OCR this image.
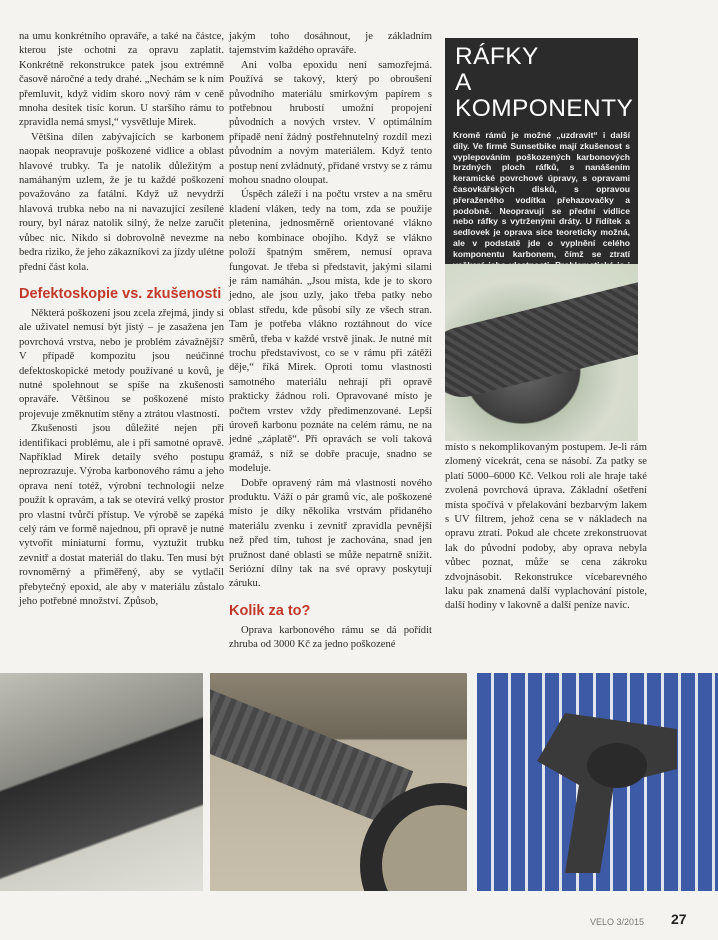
na umu konkrétního opraváře, a také na částce, kterou jste ochotni za opravu zaplatit. Konkrétně rekonstrukce patek jsou extrémně časově náročné a tedy drahé. „Nechám se k ním přemluvit, když vidím skoro nový rám v ceně mnoha desítek tisíc korun. U staršího rámu to zpravidla nemá smysl,“ vysvětluje Mirek.

Většina dílen zabývajících se karbonem naopak neopravuje poškozené vidlice a oblast hlavové trubky. Ta je natolik důležitým a namáhaným uzlem, že je tu každé poškození považováno za fatální. Když už nevydrží hlavová trubka nebo na ni navazující zesílené roury, byl náraz natolik silný, že nelze zaručit vůbec nic. Nikdo si dobrovolně nevezme na bedra riziko, že jeho zákazníkovi za jízdy ulétne přední část kola.

Defektoskopie vs. zkušenosti

Některá poškození jsou zcela zřejmá, jindy si ale uživatel nemusí být jistý – je zasažena jen povrchová vrstva, nebo je problém závažnější? V případě kompozitu jsou neúčinné defektoskopické metody používané u kovů, je nutné spolehnout se spíše na zkušenosti opraváře. Většinou se poškozené místo projevuje změknutím stěny a ztrátou vlastností.

Zkušenosti jsou důležité nejen při identifikaci problému, ale i při samotné opravě. Například Mirek detaily svého postupu neprozrazuje. Výroba karbonového rámu a jeho oprava není totéž, výrobní technologii nelze použít k opravám, a tak se otevírá velký prostor pro vlastní tvůrčí přístup. Ve výrobě se zapéká celý rám ve formě najednou, při opravě je nutné vytvořit miniaturní formu, vyztužit trubku zevnitř a dostat materiál do tlaku. Ten musí být rovnoměrný a přiměřený, aby se vytlačil přebytečný epoxid, ale aby v materiálu zůstalo jeho potřebné množství. Způsob,

jakým toho dosáhnout, je základním tajemstvím každého opraváře.

Ani volba epoxidu není samozřejmá. Používá se takový, který po obroušení původního materiálu smirkovým papírem s potřebnou hrubostí umožní propojení původních a nových vrstev. V optimálním případě není žádný postřehnutelný rozdíl mezi původním a novým materiálem. Když tento postup není zvládnutý, přidané vrstvy se z rámu mohou snadno oloupat.

Úspěch záleží i na počtu vrstev a na směru kladení vláken, tedy na tom, zda se použije pletenina, jednosměrně orientované vlákno nebo kombinace obojího. Když se vlákno položí špatným směrem, nemusí oprava fungovat. Je třeba si představit, jakými silami je rám namáhán. „Jsou místa, kde je to skoro jedno, ale jsou uzly, jako třeba patky nebo oblast středu, kde působí síly ze všech stran. Tam je potřeba vlákno roztáhnout do více směrů, třeba v každé vrstvě jinak. Je nutné mít trochu představivost, co se v rámu při zátěži děje,“ říká Mirek. Oproti tomu vlastnosti samotného materiálu nehrají při opravě prakticky žádnou roli. Opravované místo je počtem vrstev vždy předimenzované. Lepší úroveň karbonu poznáte na celém rámu, ne na jedné „záplatě“. Při opravách se volí taková gramáž, s níž se dobře pracuje, snadno se modeluje.

Dobře opravený rám má vlastnosti nového produktu. Váží o pár gramů víc, ale poškozené místo je díky několika vrstvám přidaného materiálu zvenku i zevnitř zpravidla pevnější než před tím, tuhost je zachována, snad jen pružnost dané oblasti se může nepatrně snížit. Seriózní dílny tak na své opravy poskytují záruku.

Kolik za to?

Oprava karbonového rámu se dá pořídit zhruba od 3000 Kč za jedno poškozené

RÁFKY
A KOMPONENTY
Kromě rámů je možné „uzdravit“ i další díly. Ve firmě Sunsetbike mají zkušenost s vyplepováním poškozených karbonových brzdných ploch ráfků, s nanášením keramické povrchové úpravy, s opravami časovkářských disků, s opravou přeraženého vodítka přehazovačky a podobně. Neopravují se přední vidlice nebo ráfky s vytrženými dráty. U řidítek a sedlovek je oprava sice teoreticky možná, ale v podstatě jde o vyplnění celého komponentu karbonem, čímž se ztratí

místo s nekomplikovaným postupem. Je-li rám zlomený vícekrát, cena se násobí. Za patky se platí 5000–6000 Kč. Velkou roli ale hraje také zvolená povrchová úprava. Základní ošetření místa spočívá v přelakování bezbarvým lakem s UV filtrem, jehož cena se v nákladech na opravu ztratí. Pokud ale chcete zrekonstruovat lak do původní podoby, aby oprava nebyla vůbec poznat, může se cena zákroku zdvojnásobit. Rekonstrukce vícebarevného laku pak znamená další vyplachování pistole, další hodiny v lakovně a další peníze navíc.

VELO 3/2015 27
